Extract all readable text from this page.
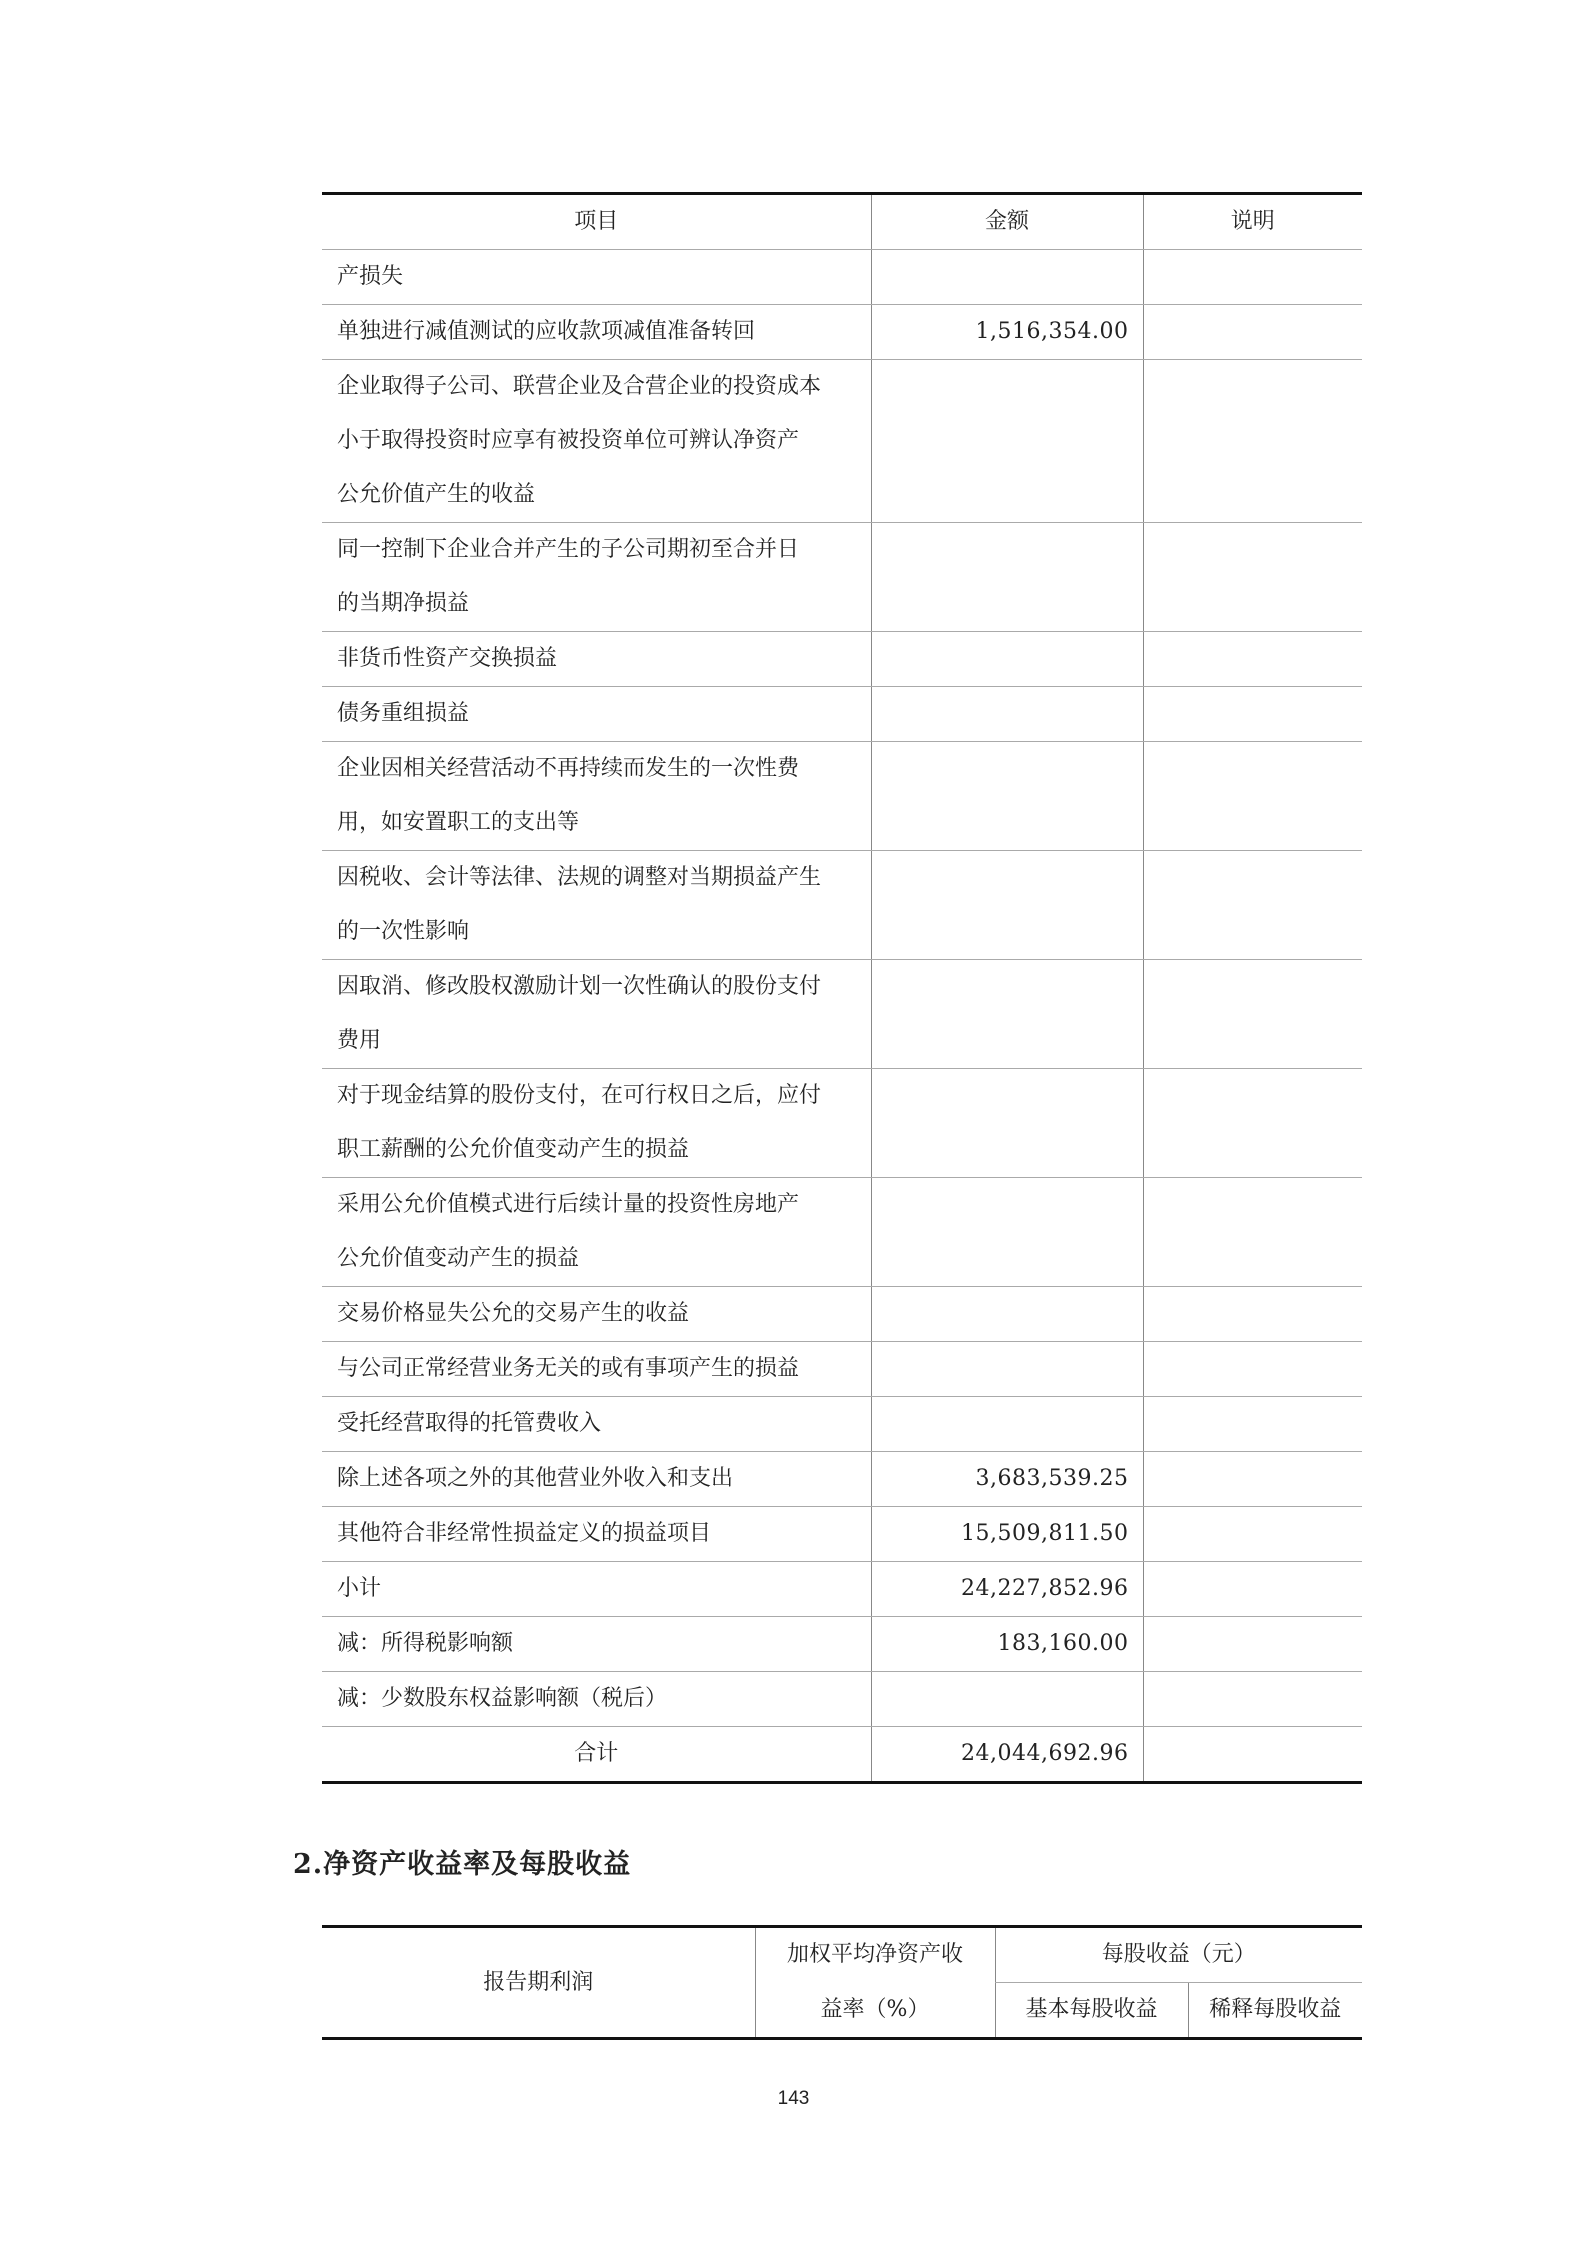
项目	金额	说明

产损失		

单独进行减值测试的应收款项减值准备转回	1,516,354.00	

企业取得子公司、联营企业及合营企业的投资成本
小于取得投资时应享有被投资单位可辨认净资产
公允价值产生的收益		

同一控制下企业合并产生的子公司期初至合并日
的当期净损益		

非货币性资产交换损益		

债务重组损益		

企业因相关经营活动不再持续而发生的一次性费
用，如安置职工的支出等		

因税收、会计等法律、法规的调整对当期损益产生
的一次性影响		

因取消、修改股权激励计划一次性确认的股份支付
费用		

对于现金结算的股份支付，在可行权日之后，应付
职工薪酬的公允价值变动产生的损益		

采用公允价值模式进行后续计量的投资性房地产
公允价值变动产生的损益		

交易价格显失公允的交易产生的收益		

与公司正常经营业务无关的或有事项产生的损益		

受托经营取得的托管费收入		

除上述各项之外的其他营业外收入和支出	3,683,539.25	

其他符合非经常性损益定义的损益项目	15,509,811.50	

小计	24,227,852.96	

减：所得税影响额	183,160.00	

减：少数股东权益影响额（税后）		

合计	24,044,692.96	
2.净资产收益率及每股收益
报告期利润	加权平均净资产收	每股收益（元）	
	益率（%）	基本每股收益	稀释每股收益
143
